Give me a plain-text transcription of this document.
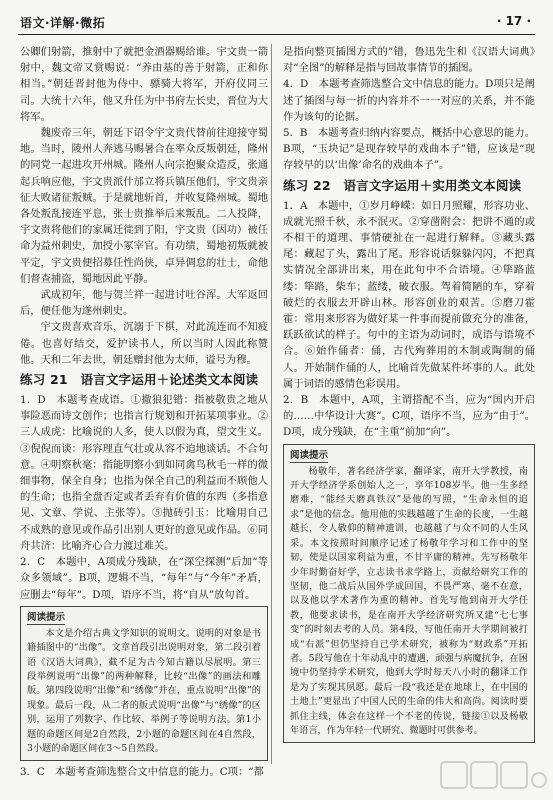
语文·详解·微拓	· 17 ·

公卿们射箭，推射中了就把金酒器赐给谁。宇文贵一箭射中，魏文帝又赏赐说：“养由基的善于射箭，正和你相当。”朝廷晋封他为侍中、骠骑大将军，开府仪同三司。大统十六年，他又升任为中书府左长史，晋位为大将军。

魏废帝三年，朝廷下诏令宇文贵代替前往迎接守蜀地。当时，陵州人奔逃马赐暑合在率众反叛朝廷，隆州的同党一起进攻开州城。隆州人向宗抱聚众造反，张通起兵响应他，宇文贵派什邡立将兵镇压他们，宇文贵亲征大败诸征叛贼。于是就地斩首，并收复隆州城。蜀地各处叛乱接连平息，张士贵推举后来叛乱。二人投降，宇文贵将他们的家属迁徙到了阳，宇文贵（因功）被任命为益州刺史，加授小冢宰官。有功绩，蜀地初叛就被平定，宇文贵便招募任性尚侠，卓异倜怠的壮士，命他们督查捕盗，蜀地因此平静。

武成初年，他与贺兰祥一起进讨吐谷浑。大军返回后，便任他为遂州刺史。

宇文贵喜欢音乐，沉溺于下棋，对此流连而不知疲倦。也喜好结交，爱护读书人，所以当时人因此称赞他。天和二年去世，朝廷赠封他为太师，谥号为穆。

练习 21　语言文字运用＋论述类文本阅读

1．D　本题考查成语。①撤狼犯错：指被敬贵之地从事险恶而诗文创作；也指言行规划和开拓某项事业。②三人成虎：比喻说的人多，使人以假为真，望文生义。③倪倪而谈：形容理直气壮或从容不迫地谈话。不合句意。④明察秋毫：指能明察小到如同禽鸟秋毛一样的微细事物，保全自身；也指为保全自己的利益而不顾他人的生命；也指全盘否定或者丢弃有价值的东西（多指意见、文章、学说、主张等）。⑤抛砖引玉：比喻用自己不成熟的意见或作品引出别人更好的意见或作品。⑥同舟共济：比喻齐心合力渡过难关。

2．C　本题中，A项成分残缺，在“深空探测”后加“等众多领域”。B项，逻辑不当，“每年”与“今年”矛盾，应删去“每年”。D项，语序不当，将“自从”放句首。

阅读提示
本文是介绍古典文学知识的说明文。说明的对象是书籍插图中的“出像”。文章首段引出说明对象，第二段引着语《汉语大词典》，截不足为古今知古籍以尽展明。第三段举例说明“出像”的两种解释，比较“出像”的画法和雕版。第四段说明“出像”和“绣像”并在，重点说明“出像”的现象。最后一段，从二者的版式说明“出像”与“绣像”的区别，运用了列数字、作比较、举例子等说明方法。第1小题的命题区间是2自然段，2小题的命题区间在4自然段，3小题的命题区间在3～5自然段。

3．C　本题考查筛选整合文中信息的能力。C项：“都

是指向整页插图方式的”错，鲁迅先生和《汉语大词典》对“全图”的解释是指与回故事情节的插图。

4．D　本题考查筛选整合文中信息的能力。D项只是阐述了插图与每一折的内容并不一一对应的关系，并不能作为该句的论据。

5．B　本题考查归纳内容要点，概括中心意思的能力。B项，“玉块记”是现存较早的戏曲本子”错，应该是“现存较早的以‘出像’命名的戏曲本子”。

练习 22　语言文字运用＋实用类文本阅读

1．A　本题中，①岁月峥嵘：如日月照耀，形容功业、成就光照千秋，永不泯灭。②穿凿附会：把讲不通的或不相干的道理、事情硬扯在一起进行解释。③藏头露尾：藏起了头，露出了尾。形容说话躲躲闪闪，不把真实情况全部讲出来，用在此句中不合语境。④筚路蓝缕：筚路，柴车；蓝缕，破衣服。驾着简陋的车，穿着破烂的衣服去开辟山林。形容创业的艰苦。⑤磨刀霍霍：常用来形容为做好某一件事而提前做充分的准备，跃跃欲试的样子。句中的主语为动词时，成语与语境不合。⑥始作俑者：俑，古代殉葬用的木制或陶制的俑人。开始制作俑的人，比喻首先做某件坏事的人。此处属于词语的感情色彩误用。

2．B　本题中，A项，主谓搭配不当，应为“国内开启的……中华设计大赛”。C项，语序不当，应为“由于”。D项，成分残缺，在“主重”前加“向”。

阅读提示
杨敬年，著名经济学家，翻译家，南开大学教授，南开大学经济学系创始人之一，享年108岁半。他一生多经磨难，“能经天磨真铁汉”是他的写照，“生命永恒的追求”是他的信念。他用他的实践越越了生命的长度，一生越越长，令人敬仰的精神遗训，也越越了与众不同的人生风采。本文按照时间顺序记述了杨敬年学习和工作中的坚韧，使是以国家利益为重，不甘平庸的精神。先写杨敬年少年时勤奋好学，立志读书求学路上，贡献给研究工作的坚韧，他二战后从国外学成回国，不畏严寒、毫不在意，以及他以学术著作为重的精神。首先写他到南开大学任教，他要求读书，是在南开大学经济研究所又建“七七事变”的时刻去考的人员。第4段，写他任南开大学期间被打成“右派”但仍坚持自己学术研究，被称为“财政系”开拓者。5段写他在十年动乱中的遭遇，顽强与病魔抗争，在困境中仍坚持学术研究，他到大学时每天八小时的翻译工作是为了实现其夙愿。最后一段“我还是在地球上，在中国的土地上”更显出了中国人民的生命的伟大和高尚。阅读时要抓住主线，体会在这样一个不老的传说，链接①以及杨敬年语言，作为年轻一代研究、微题时可供参考。
